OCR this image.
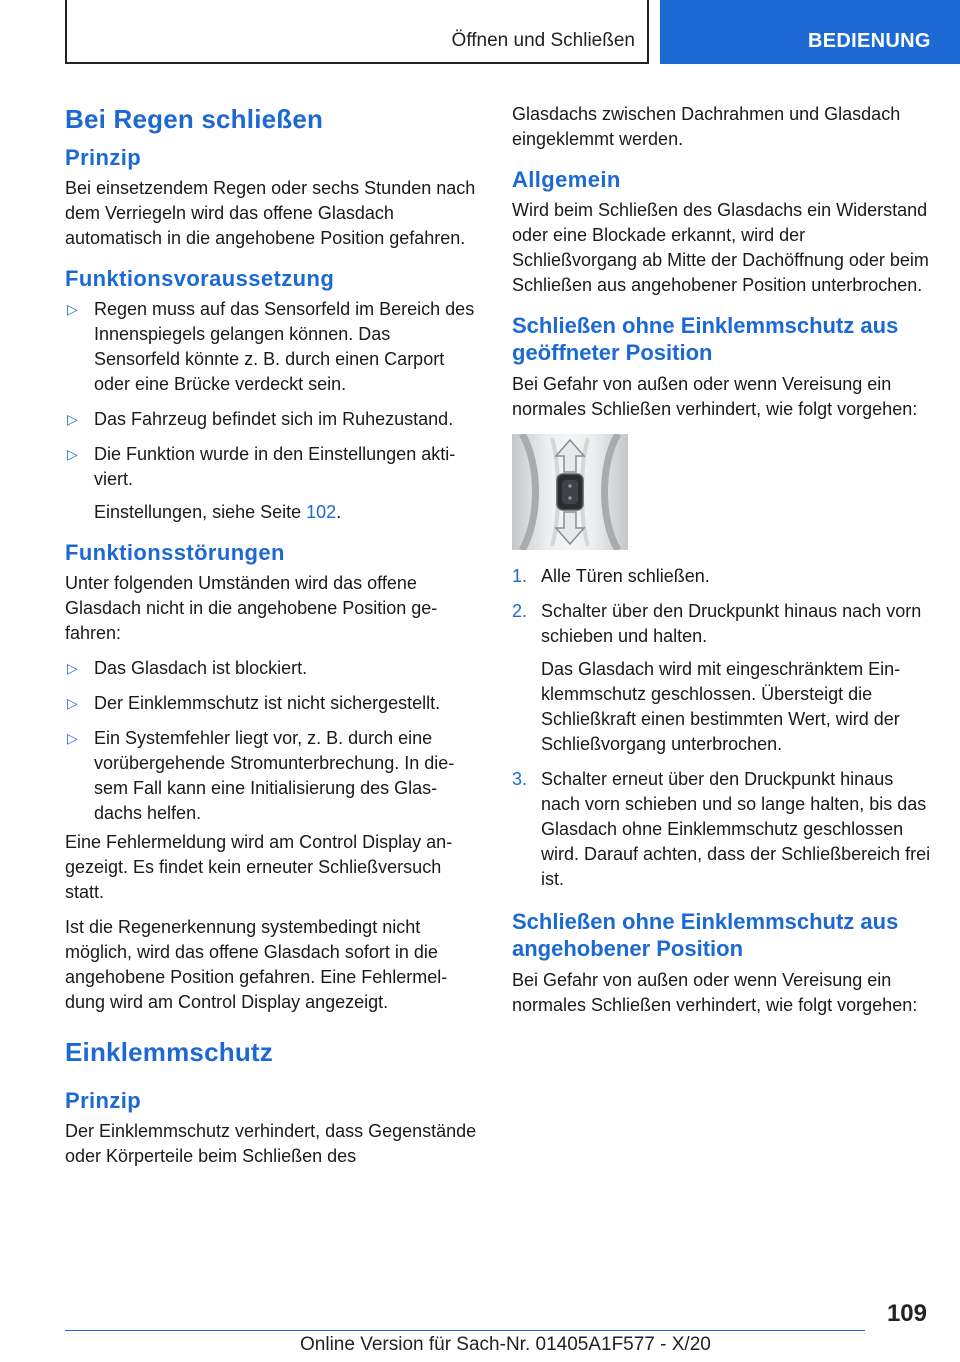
Öffnen und Schließen	BEDIENUNG
Bei Regen schließen
Prinzip

Bei einsetzendem Regen oder sechs Stunden nach dem Verriegeln wird das offene Glasdach automatisch in die angehobene Position gefahren.

Funktionsvoraussetzung
▷ Regen muss auf das Sensorfeld im Bereich des Innenspiegels gelangen können. Das Sensorfeld könnte z. B. durch einen Carport oder eine Brücke verdeckt sein.
▷ Das Fahrzeug befindet sich im Ruhezustand.
▷ Die Funktion wurde in den Einstellungen aktiviert.
Einstellungen, siehe Seite 102.
Funktionsstörungen

Unter folgenden Umständen wird das offene Glasdach nicht in die angehobene Position gefahren:

▷ Das Glasdach ist blockiert.
▷ Der Einklemmschutz ist nicht sichergestellt.
▷ Ein Systemfehler liegt vor, z. B. durch eine vorübergehende Stromunterbrechung. In diesem Fall kann eine Initialisierung des Glasdachs helfen.

Eine Fehlermeldung wird am Control Display angezeigt. Es findet kein erneuter Schließversuch statt.

Ist die Regenerkennung systembedingt nicht möglich, wird das offene Glasdach sofort in die angehobene Position gefahren. Eine Fehlermeldung wird am Control Display angezeigt.

Einklemmschutz
Prinzip

Der Einklemmschutz verhindert, dass Gegenstände oder Körperteile beim Schließen des

Glasdachs zwischen Dachrahmen und Glasdach eingeklemmt werden.

Allgemein

Wird beim Schließen des Glasdachs ein Widerstand oder eine Blockade erkannt, wird der Schließvorgang ab Mitte der Dachöffnung oder beim Schließen aus angehobener Position unterbrochen.

Schließen ohne Einklemmschutz aus geöffneter Position

Bei Gefahr von außen oder wenn Vereisung ein normales Schließen verhindert, wie folgt vorgehen:

1. Alle Türen schließen.
2. Schalter über den Druckpunkt hinaus nach vorn schieben und halten.
Das Glasdach wird mit eingeschränktem Einklemmschutz geschlossen. Übersteigt die Schließkraft einen bestimmten Wert, wird der Schließvorgang unterbrochen.
3. Schalter erneut über den Druckpunkt hinaus nach vorn schieben und so lange halten, bis das Glasdach ohne Einklemmschutz geschlossen wird. Darauf achten, dass der Schließbereich frei ist.
Schließen ohne Einklemmschutz aus angehobener Position

Bei Gefahr von außen oder wenn Vereisung ein normales Schließen verhindert, wie folgt vorgehen:

109
Online Version für Sach-Nr. 01405A1F577 - X/20
